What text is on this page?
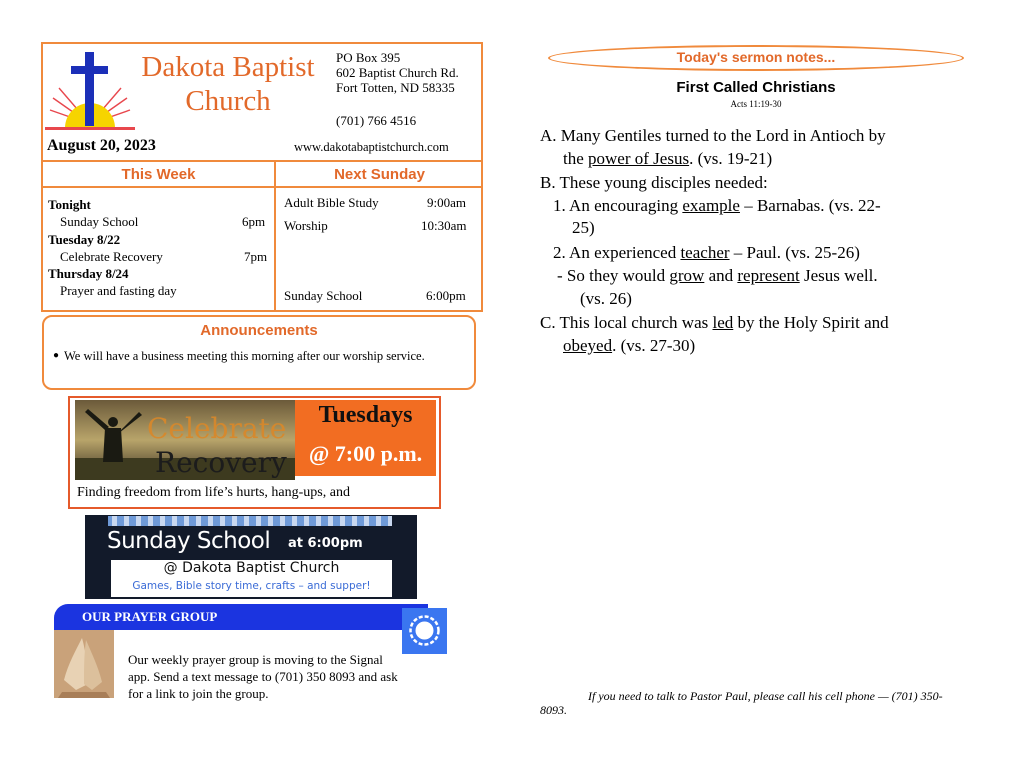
Dakota Baptist
Church
PO Box 395
602 Baptist Church Rd.
Fort Totten, ND 58335
(701) 766 4516
August 20, 2023	www.dakotabaptistchurch.com
This Week	Next Sunday
Tonight
Sunday School	6pm
Tuesday 8/22
Celebrate Recovery	7pm
Thursday 8/24
Prayer and fasting day
Adult Bible Study	9:00am
Worship	10:30am
Sunday School	6:00pm
Announcements
● We will have a business meeting this morning after our worship service.
Celebrate
Recovery
Tuesdays
@ 7:00 p.m.
Finding freedom from life’s hurts, hang-ups, and
Sunday School at 6:00pm
@ Dakota Baptist Church
Games, Bible story time, crafts – and supper!
OUR PRAYER GROUP
Our weekly prayer group is moving to the Signal app. Send a text message to (701) 350 8093 and ask for a link to join the group.
Today's sermon notes...
First Called Christians
Acts 11:19-30
A. Many Gentiles turned to the Lord in Antioch by
the power of Jesus. (vs. 19-21)
B. These young disciples needed:
1. An encouraging example – Barnabas. (vs. 22-
25)
2. An experienced teacher – Paul. (vs. 25-26)
- So they would grow and represent Jesus well.
(vs. 26)
C. This local church was led by the Holy Spirit and
obeyed. (vs. 27-30)
If you need to talk to Pastor Paul, please call his cell phone — (701) 350-8093.
